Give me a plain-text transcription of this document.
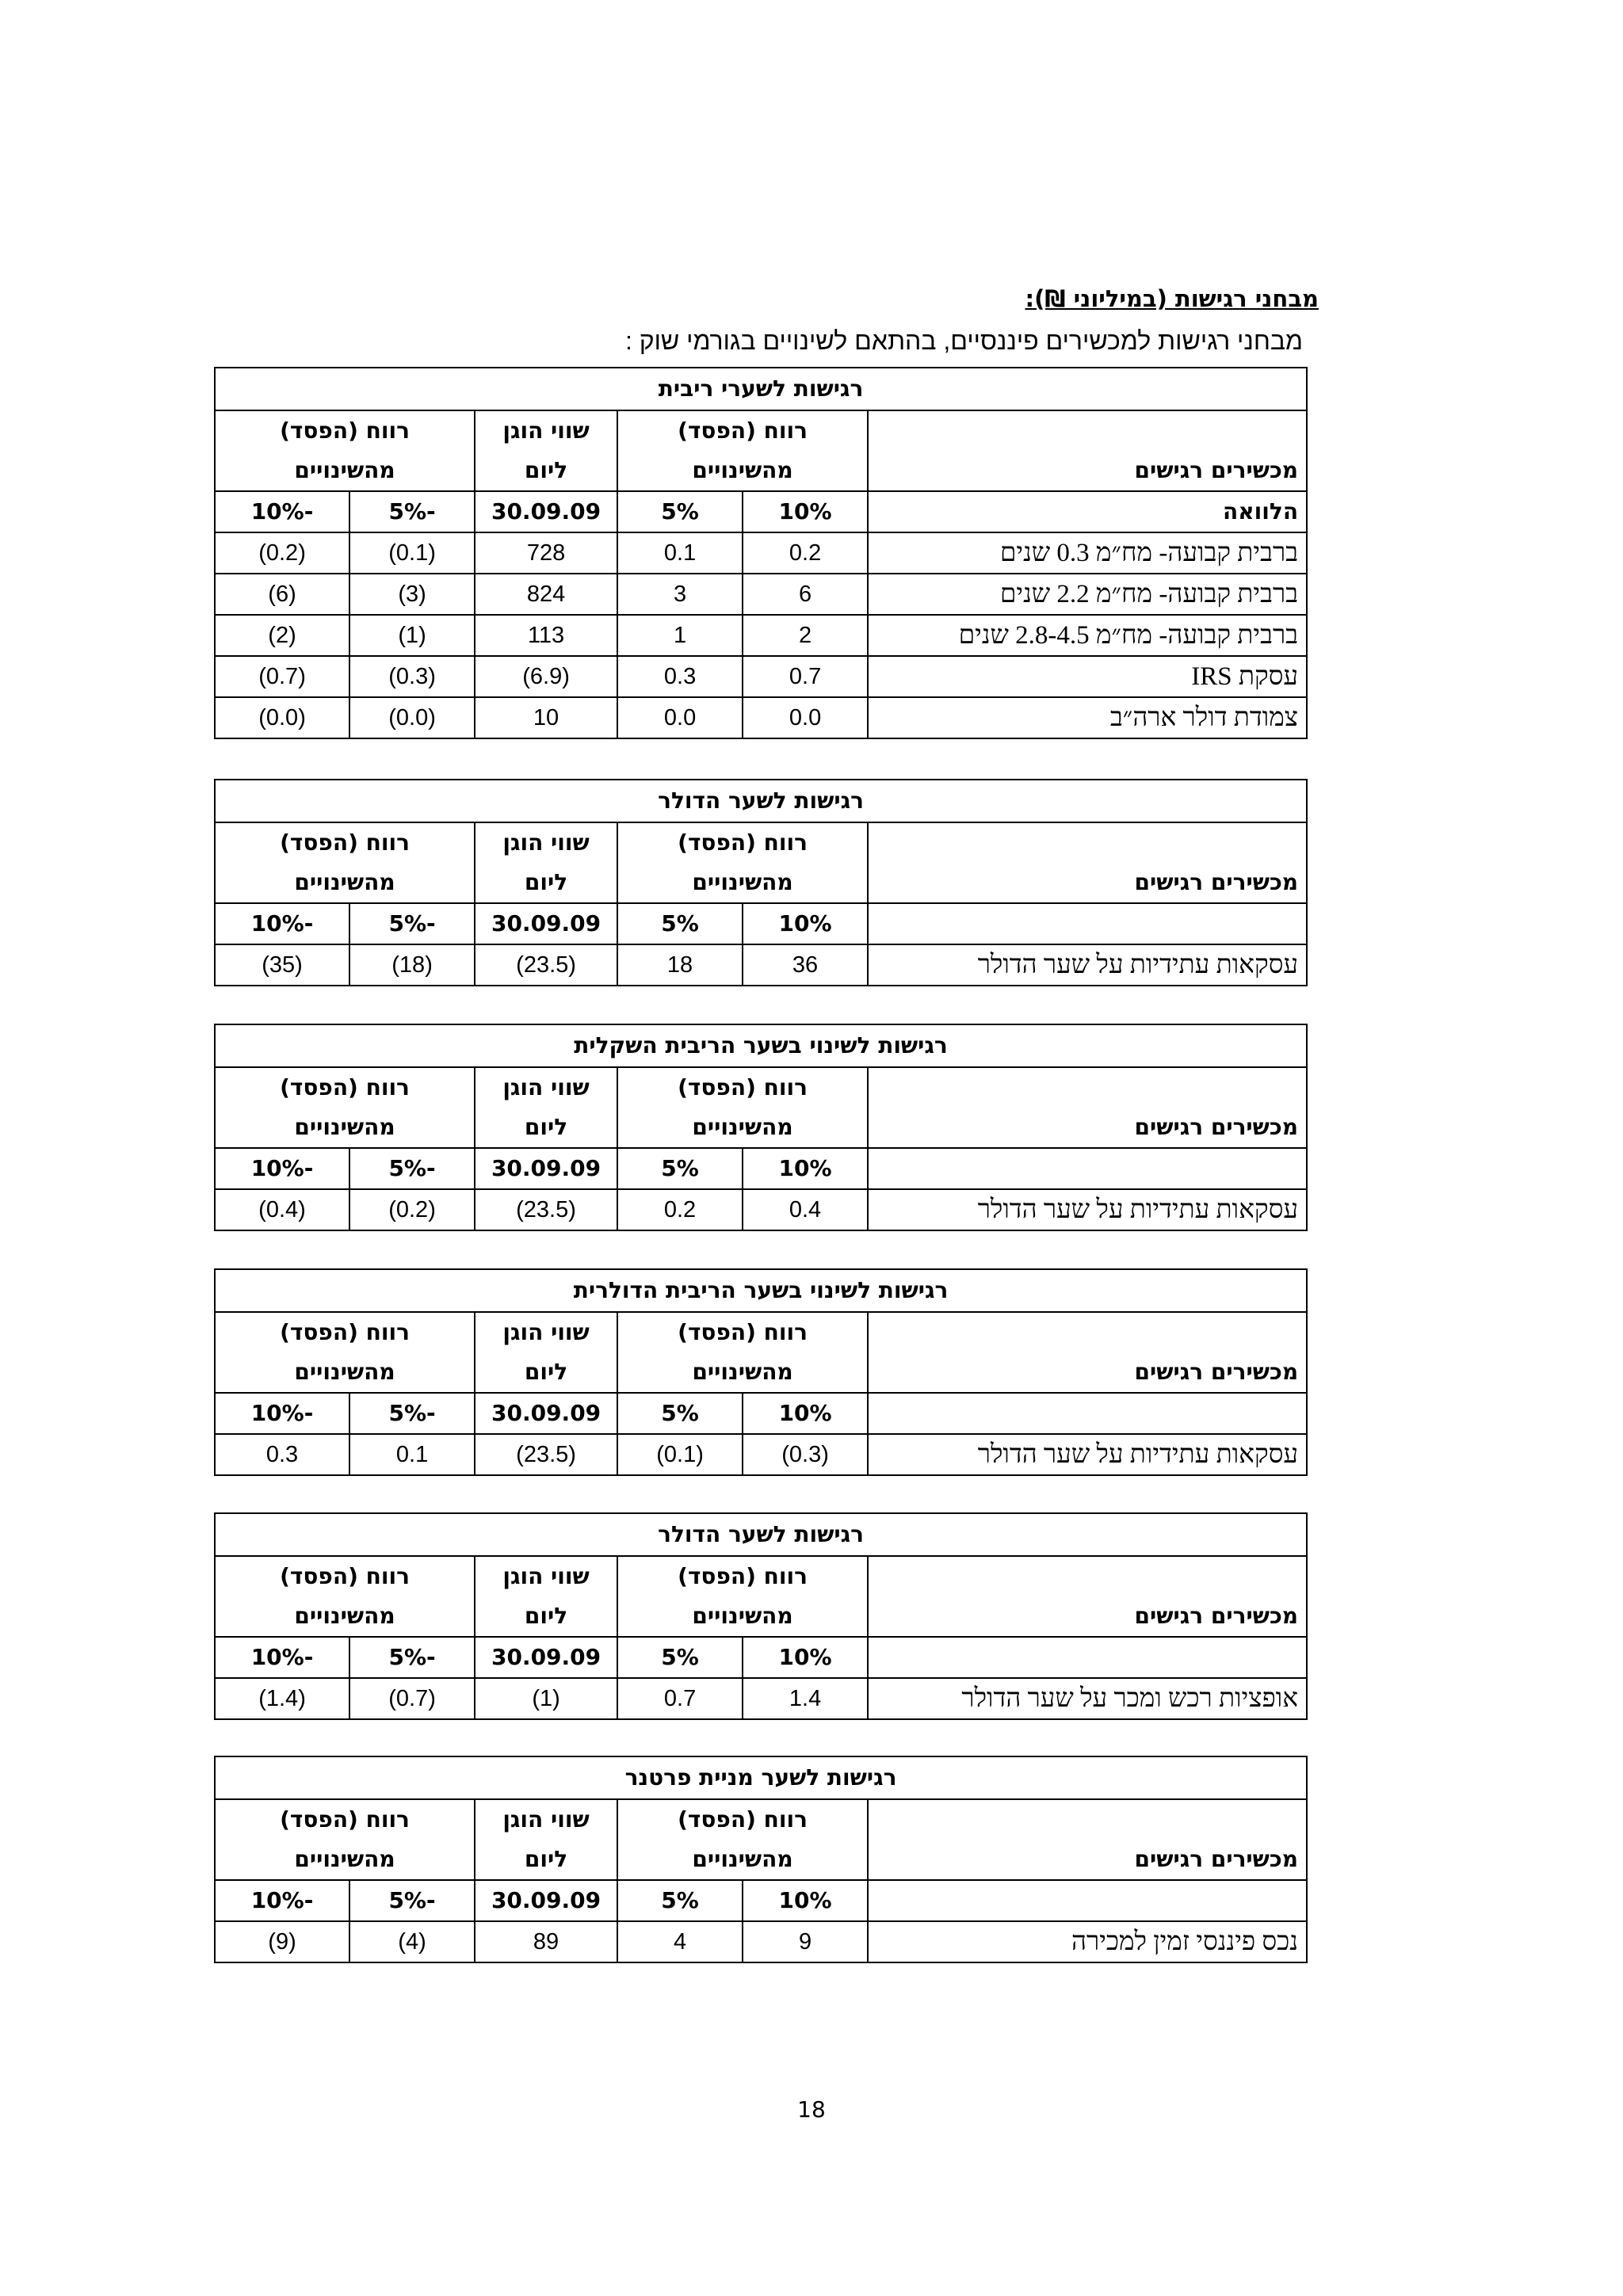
מבחני רגישות (במיליוני ₪):
מבחני רגישות למכשירים פיננסיים, בהתאם לשינויים בגורמי שוק :
רגישות לשערי ריבית					
	רווח (הפסד)		שווי הוגן	רווח (הפסד)	
מכשירים רגישים	מהשינויים		ליום	מהשינויים	
הלוואה	10%	5%	30.09.09	-5%	-10%
ברבית קבועה- מח״מ 0.3 שנים	0.2	0.1	728	(0.1)	(0.2)
ברבית קבועה- מח״מ 2.2 שנים	6	3	824	(3)	(6)
ברבית קבועה- מח״מ 2.8-4.5 שנים	2	1	113	(1)	(2)
עסקת IRS	0.7	0.3	(6.9)	(0.3)	(0.7)
צמודת דולר ארה״ב	0.0	0.0	10	(0.0)	(0.0)
רגישות לשער הדולר					
	רווח (הפסד)		שווי הוגן	רווח (הפסד)	
מכשירים רגישים	מהשינויים		ליום	מהשינויים	
	10%	5%	30.09.09	-5%	-10%
עסקאות עתידיות על שער הדולר	36	18	(23.5)	(18)	(35)
רגישות לשינוי בשער הריבית השקלית					
	רווח (הפסד)		שווי הוגן	רווח (הפסד)	
מכשירים רגישים	מהשינויים		ליום	מהשינויים	
	10%	5%	30.09.09	-5%	-10%
עסקאות עתידיות על שער הדולר	0.4	0.2	(23.5)	(0.2)	(0.4)
רגישות לשינוי בשער הריבית הדולרית					
	רווח (הפסד)		שווי הוגן	רווח (הפסד)	
מכשירים רגישים	מהשינויים		ליום	מהשינויים	
	10%	5%	30.09.09	-5%	-10%
עסקאות עתידיות על שער הדולר	(0.3)	(0.1)	(23.5)	0.1	0.3
רגישות לשער הדולר					
	רווח (הפסד)		שווי הוגן	רווח (הפסד)	
מכשירים רגישים	מהשינויים		ליום	מהשינויים	
	10%	5%	30.09.09	-5%	-10%
אופציות רכש ומכר על שער הדולר	1.4	0.7	(1)	(0.7)	(1.4)
רגישות לשער מניית פרטנר					
	רווח (הפסד)		שווי הוגן	רווח (הפסד)	
מכשירים רגישים	מהשינויים		ליום	מהשינויים	
	10%	5%	30.09.09	-5%	-10%
נכס פיננסי זמין למכירה	9	4	89	(4)	(9)
18
